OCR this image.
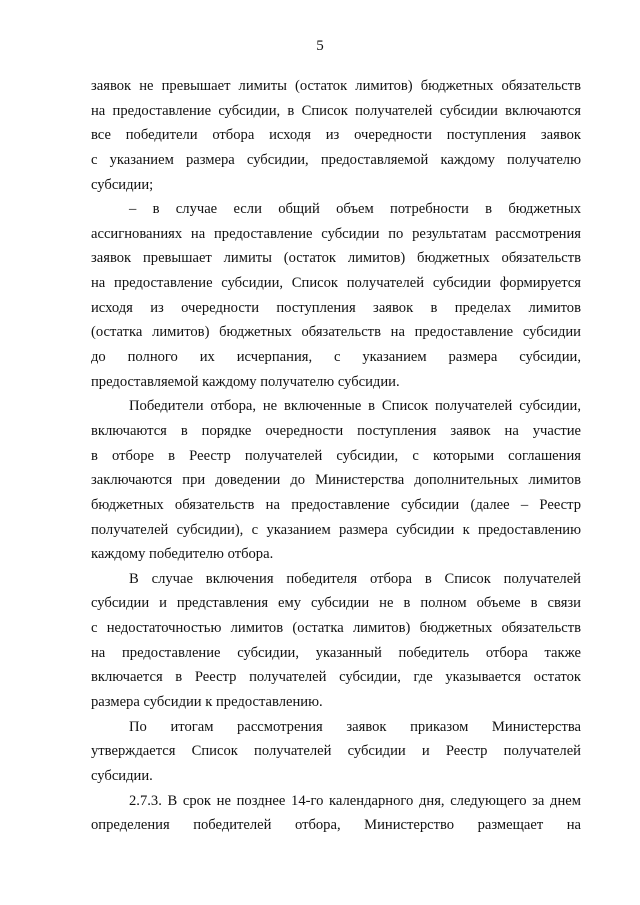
5

заявок не превышает лимиты (остаток лимитов) бюджетных обязательств
на предоставление субсидии, в Список получателей субсидии включаются
все победители отбора исходя из очередности поступления заявок
с указанием размера субсидии, предоставляемой каждому получателю
субсидии;

– в случае если общий объем потребности в бюджетных
ассигнованиях на предоставление субсидии по результатам рассмотрения
заявок превышает лимиты (остаток лимитов) бюджетных обязательств
на предоставление субсидии, Список получателей субсидии формируется
исходя из очередности поступления заявок в пределах лимитов
(остатка лимитов) бюджетных обязательств на предоставление субсидии
до полного их исчерпания, с указанием размера субсидии,
предоставляемой каждому получателю субсидии.

Победители отбора, не включенные в Список получателей субсидии,
включаются в порядке очередности поступления заявок на участие
в отборе в Реестр получателей субсидии, с которыми соглашения
заключаются при доведении до Министерства дополнительных лимитов
бюджетных обязательств на предоставление субсидии (далее – Реестр
получателей субсидии), с указанием размера субсидии к предоставлению
каждому победителю отбора.

В случае включения победителя отбора в Список получателей
субсидии и представления ему субсидии не в полном объеме в связи
с недостаточностью лимитов (остатка лимитов) бюджетных обязательств
на предоставление субсидии, указанный победитель отбора также
включается в Реестр получателей субсидии, где указывается остаток
размера субсидии к предоставлению.

По итогам рассмотрения заявок приказом Министерства
утверждается Список получателей субсидии и Реестр получателей
субсидии.

2.7.3. В срок не позднее 14-го календарного дня, следующего за днем
определения победителей отбора, Министерство размещает на
